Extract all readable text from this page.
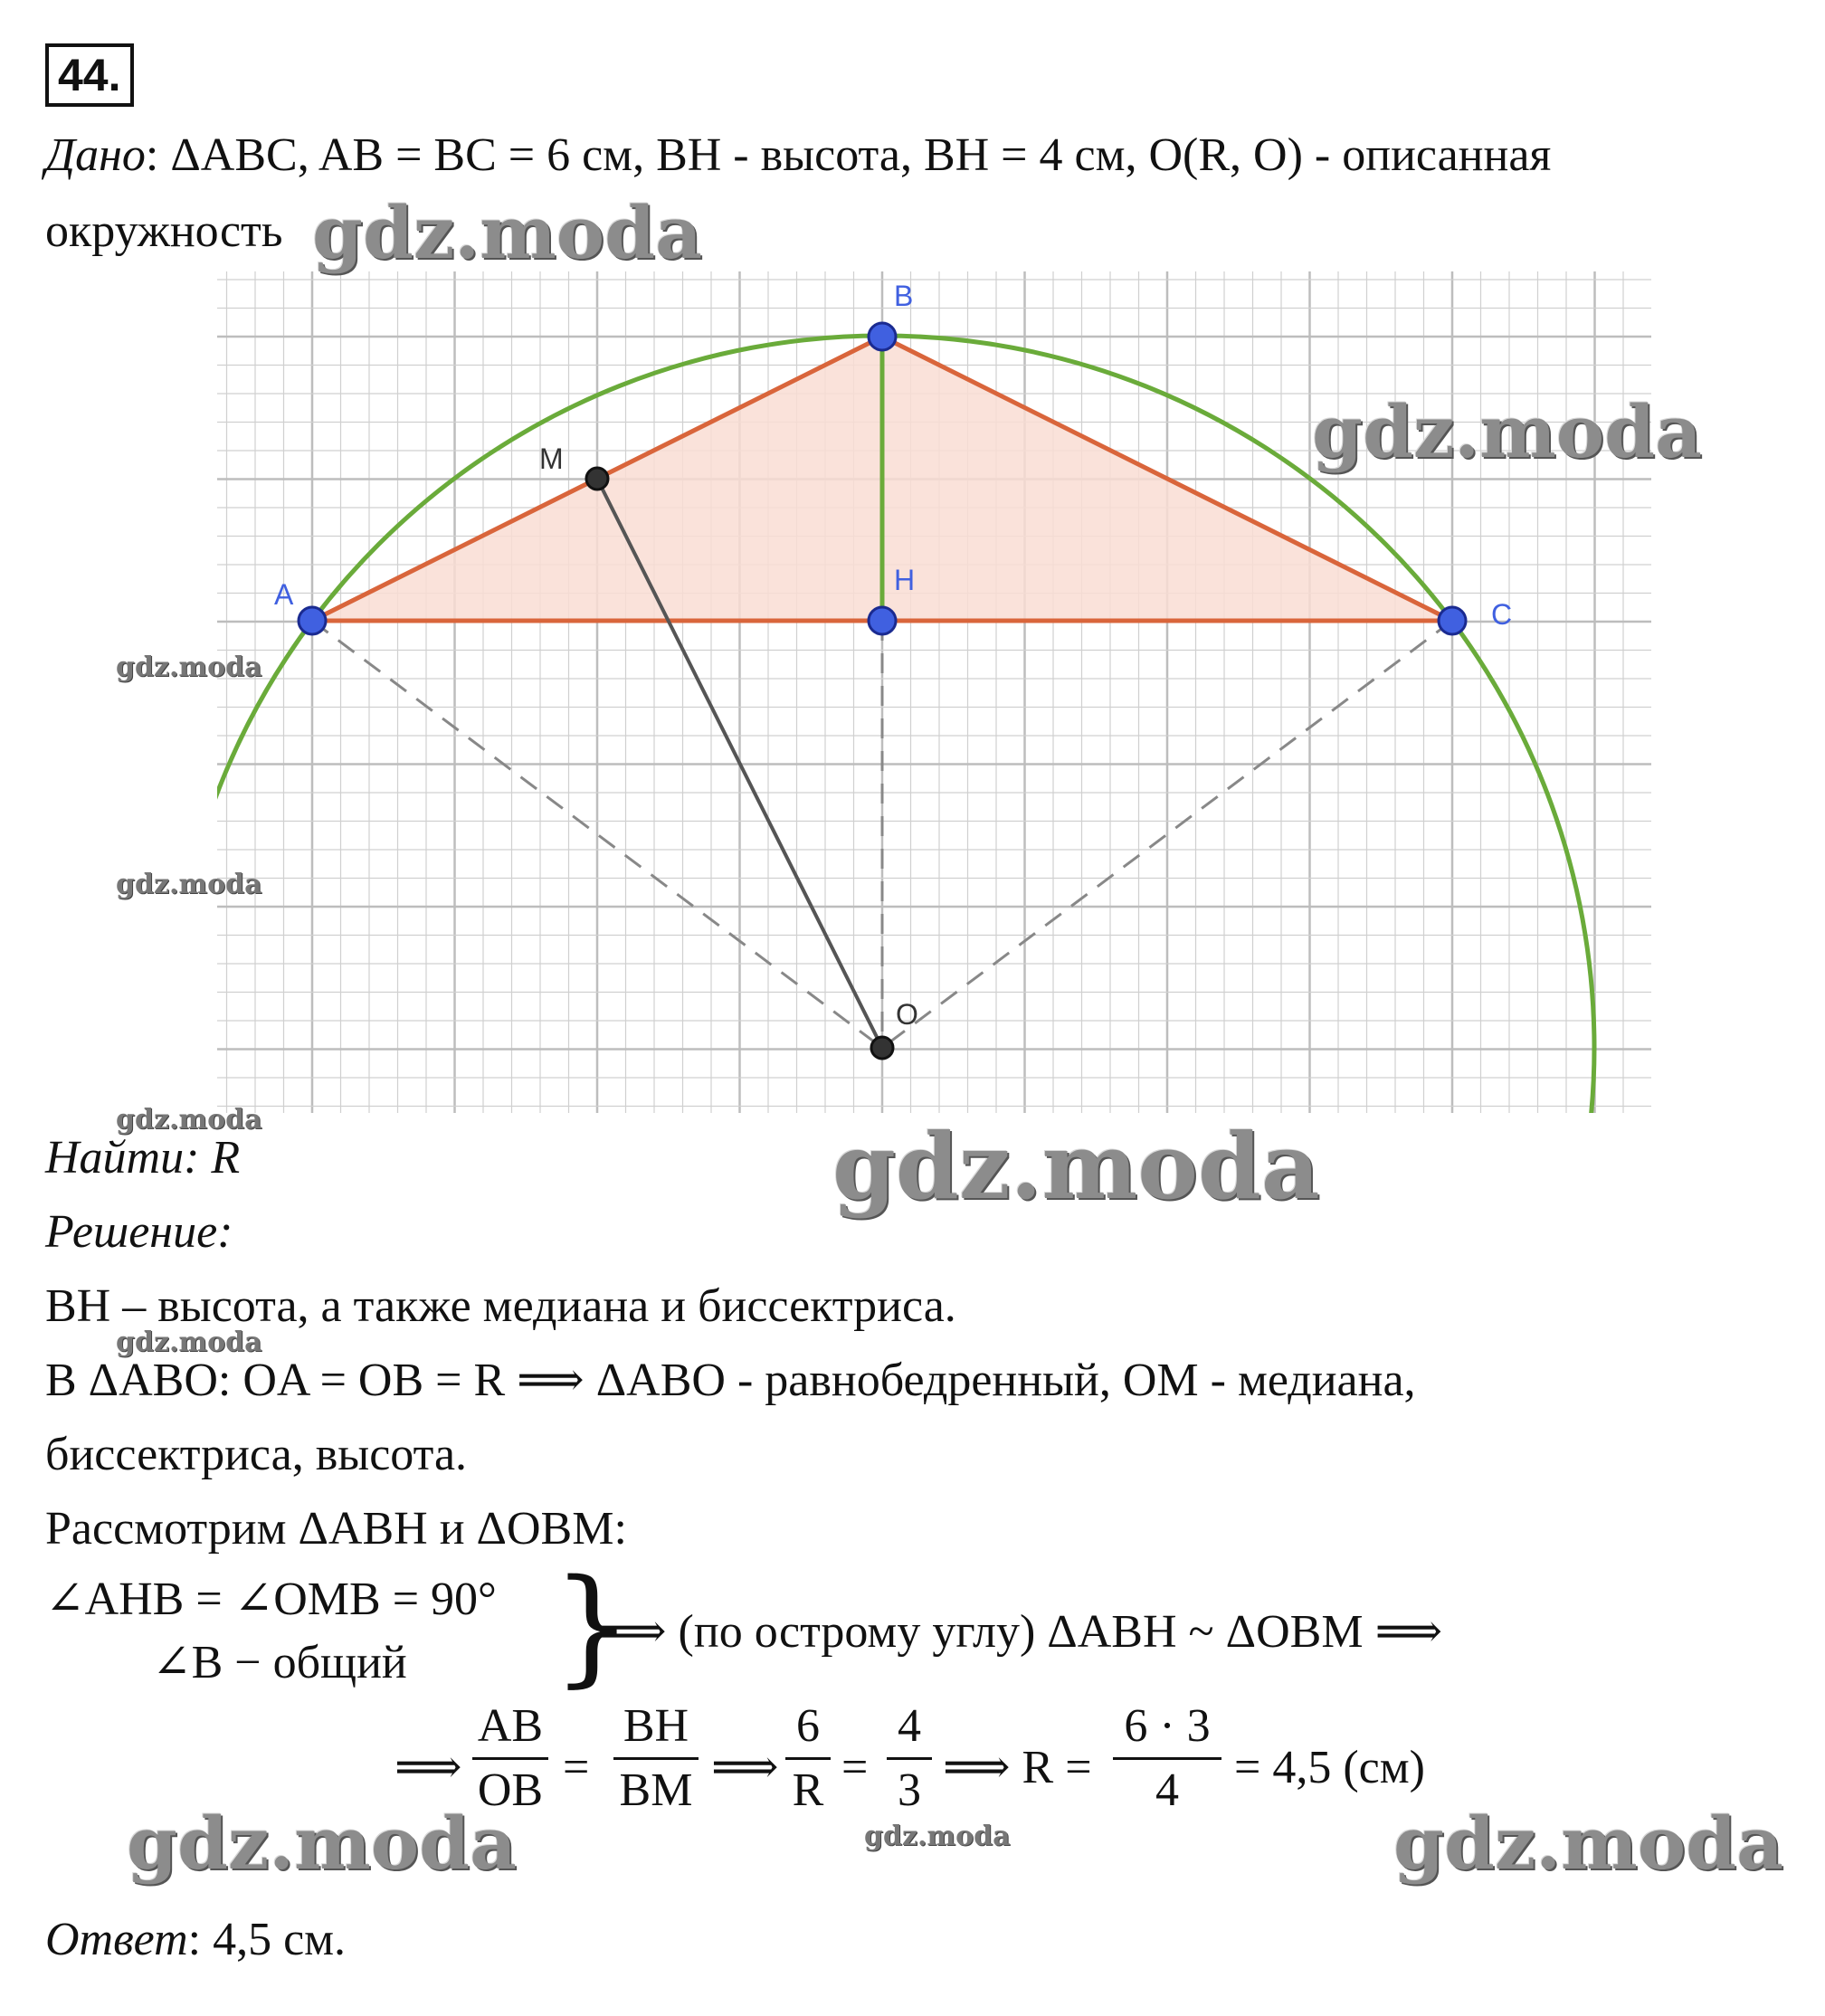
44.
Дано: ΔABC, AB = BC = 6 см, BH - высота, BH = 4 см, O(R, O) - описанная
окружность
A
B
C
H
M
O
Найти: R
Решение:
BH – высота, а также медиана и биссектриса.
В ΔABO: OA = OB = R ⟹ ΔABO - равнобедренный, OM - медиана,
биссектриса, высота.
Рассмотрим ΔABH и ΔOBM:
∠AHB = ∠OMB = 90°
∠B − общий }
⟹ (по острому углу) ΔABH ~ ΔOBM ⟹
⟹
AB
OB =
BH
BM ⟹
6
R =
4
3 ⟹ R =
6 · 3
4	= 4,5 (см)
Ответ: 4,5 см.
gdz.moda
gdz.moda
gdz.moda
gdz.moda
gdz.moda	gdz.moda
gdz.moda
gdz.moda	gdz.moda	gdz.moda
